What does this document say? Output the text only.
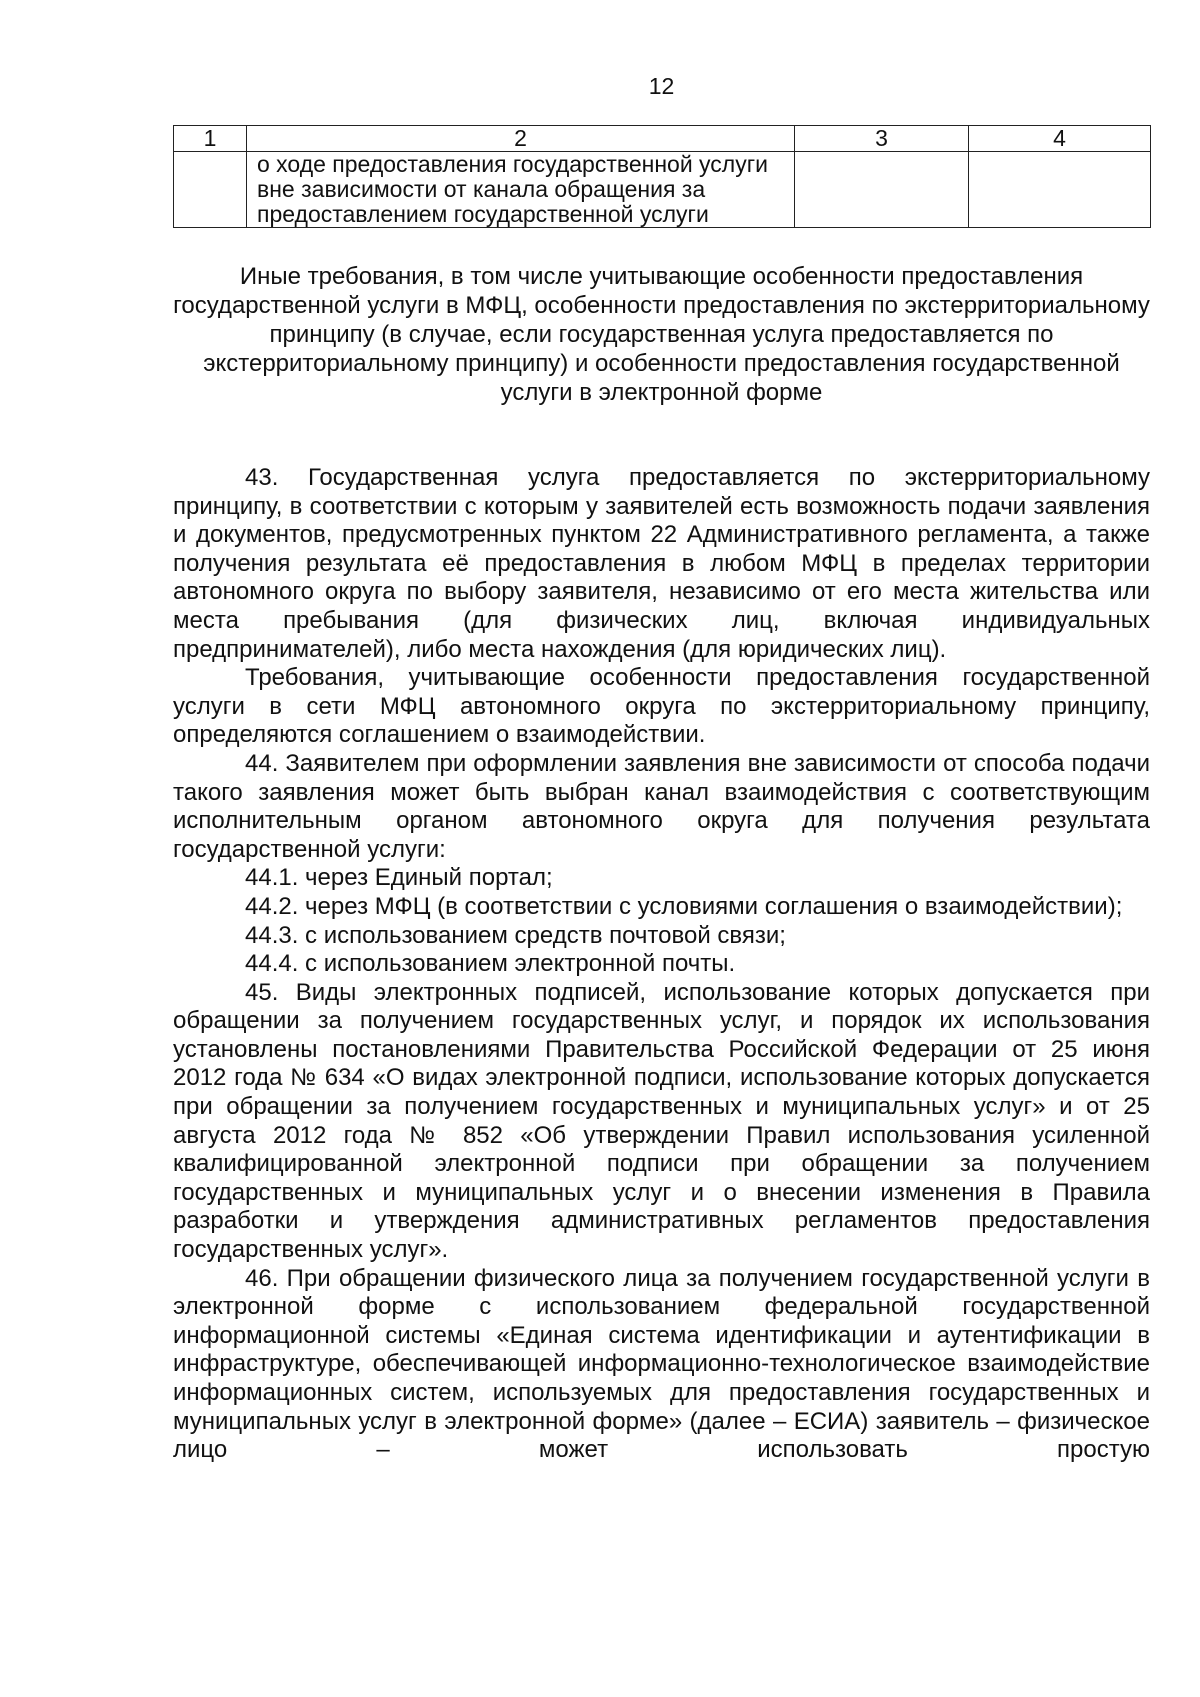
12
1	2	3	4
	о ходе предоставления государственной услуги вне зависимости от канала обращения за предоставлением государственной услуги		
Иные требования, в том числе учитывающие особенности предоставления государственной услуги в МФЦ, особенности предоставления по экстерриториальному принципу (в случае, если государственная услуга предоставляется по экстерриториальному принципу) и особенности предоставления государственной услуги в электронной форме

43. Государственная услуга предоставляется по экстерриториальному принципу, в соответствии с которым у заявителей есть возможность подачи заявления и документов, предусмотренных пунктом 22 Административного регламента, а также получения результата её предоставления в любом МФЦ в пределах территории автономного округа по выбору заявителя, независимо от его места жительства или места пребывания (для физических лиц, включая индивидуальных предпринимателей), либо места нахождения (для юридических лиц).

Требования, учитывающие особенности предоставления государственной услуги в сети МФЦ автономного округа по экстерриториальному принципу, определяются соглашением о взаимодействии.

44. Заявителем при оформлении заявления вне зависимости от способа подачи такого заявления может быть выбран канал взаимодействия с соответствующим исполнительным органом автономного округа для получения результата государственной услуги:

44.1. через Единый портал;

44.2. через МФЦ (в соответствии с условиями соглашения о взаимодействии);

44.3. с использованием средств почтовой связи;

44.4. с использованием электронной почты.

45. Виды электронных подписей, использование которых допускается при обращении за получением государственных услуг, и порядок их использования установлены постановлениями Правительства Российской Федерации от 25 июня 2012 года № 634 «О видах электронной подписи, использование которых допускается при обращении за получением государственных и муниципальных услуг» и от 25 августа 2012 года № 852 «Об утверждении Правил использования усиленной квалифицированной электронной подписи при обращении за получением государственных и муниципальных услуг и о внесении изменения в Правила разработки и утверждения административных регламентов предоставления государственных услуг».

46. При обращении физического лица за получением государственной услуги в электронной форме с использованием федеральной государственной информационной системы «Единая система идентификации и аутентификации в инфраструктуре, обеспечивающей информационно-технологическое взаимодействие информационных систем, используемых для предоставления государственных и муниципальных услуг в электронной форме» (далее – ЕСИА) заявитель – физическое лицо – может использовать простую
